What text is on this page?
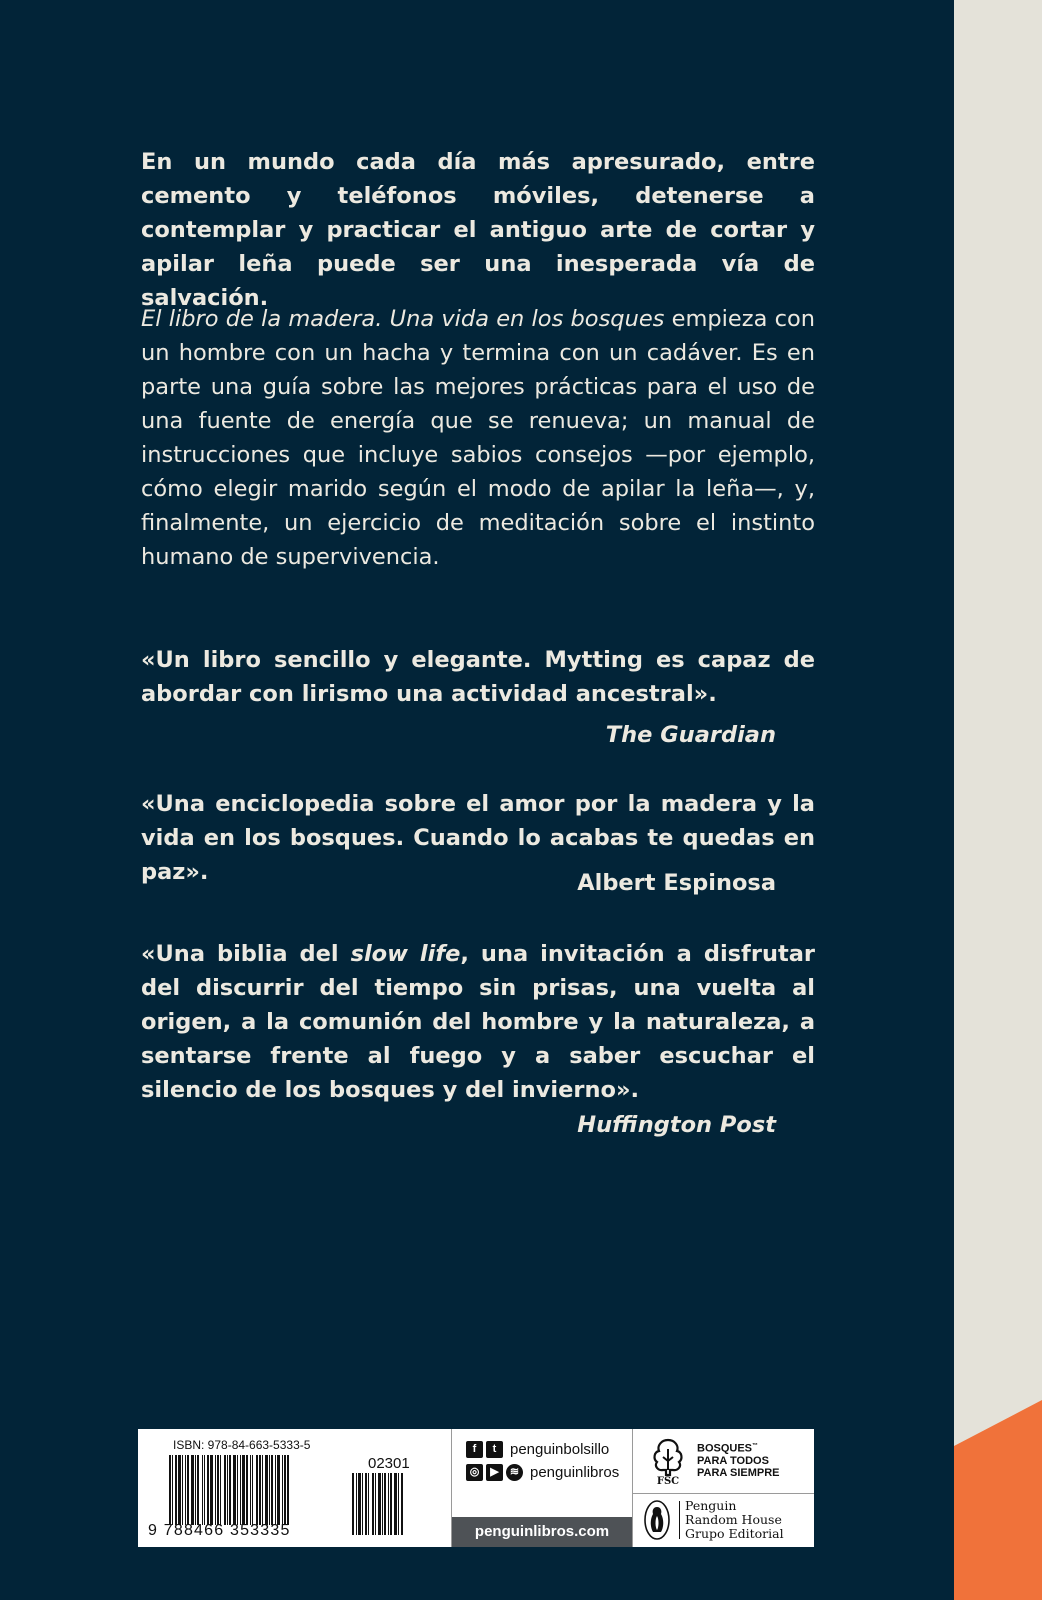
En un mundo cada día más apresurado, entre cemento y teléfonos móviles, detenerse a contemplar y practicar el antiguo arte de cortar y apilar leña puede ser una inesperada vía de salvación.

El libro de la madera. Una vida en los bosques empieza con un hombre con un hacha y termina con un cadáver. Es en parte una guía sobre las mejores prácticas para el uso de una fuente de energía que se renueva; un manual de instrucciones que incluye sabios consejos —por ejemplo, cómo elegir marido según el modo de apilar la leña—, y, finalmente, un ejercicio de meditación sobre el instinto humano de supervivencia.

«Un libro sencillo y elegante. Mytting es capaz de abordar con lirismo una actividad ancestral».

The Guardian

«Una enciclopedia sobre el amor por la madera y la vida en los bosques. Cuando lo acabas te quedas en paz».	Albert Espinosa

«Una biblia del slow life, una invitación a disfrutar del discurrir del tiempo sin prisas, una vuelta al origen, a la comunión del hombre y la naturaleza, a sentarse frente al fuego y a saber escuchar el silencio de los bosques y del invierno».

Huffington Post
ISBN: 978-84-663-5333-5
9 788466 353335
02301
f	t penguinbolsillo
◎ ▶	≋ penguinlibros
penguinlibros.com
FSC
BOSQUES™
PARA TODOS
PARA SIEMPRE
Penguin
Random House
Grupo Editorial
